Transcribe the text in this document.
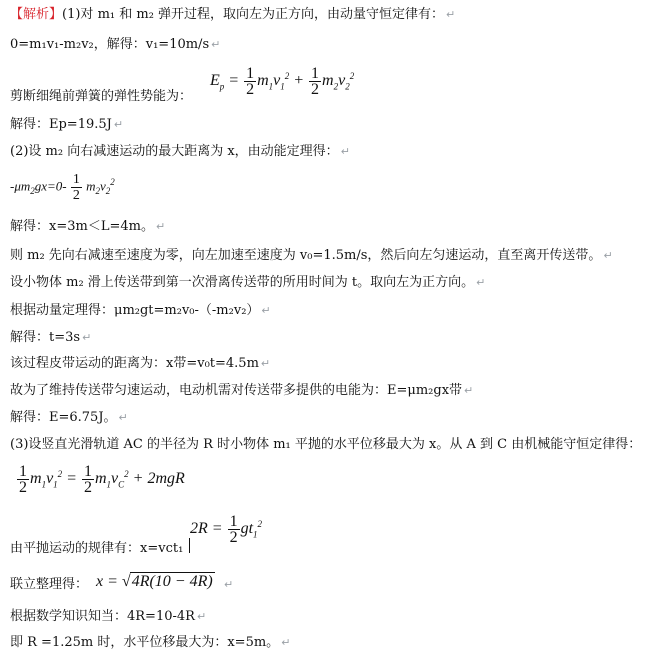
【解析】(1)对 m₁ 和 m₂ 弹开过程，取向左为正方向，由动量守恒定律有： ↵
0=m₁v₁-m₂v₂，解得：v₁=10m/s ↵
剪断细绳前弹簧的弹性势能为：
$E_p = \frac{1}{2} m_1v_1^2 + \frac{1}{2} m_2v_2^2$
解得：Ep=19.5J ↵
(2)设 m₂ 向右减速运动的最大距离为 x，由动能定理得： ↵
$-\mu m_2gx=0- \frac{1}{2} m_2v_2^2$
解得：x=3m＜L=4m。 ↵
则 m₂ 先向右减速至速度为零，向左加速至速度为 v₀=1.5m/s，然后向左匀速运动，直至离开传送带。 ↵
设小物体 m₂ 滑上传送带到第一次滑离传送带的所用时间为 t。取向左为正方向。 ↵
根据动量定理得：μm₂gt=m₂v₀-（-m₂v₂） ↵
解得：t=3s ↵
该过程皮带运动的距离为：x带=v₀t=4.5m ↵
故为了维持传送带匀速运动，电动机需对传送带多提供的电能为：E=μm₂gx带 ↵
解得：E=6.75J。 ↵
(3)设竖直光滑轨道 AC 的半径为 R 时小物体 m₁ 平抛的水平位移最大为 x。从 A 到 C 由机械能守恒定律得：
$\frac{1}{2} m_1v_1^2 = \frac{1}{2} m_1v_C^2 + 2mgR$
由平抛运动的规律有：x=vct₁
$2R = \frac{1}{2} gt_1^2$
联立整理得： x = √4R(10 − 4R) ↵
根据数学知识知当：4R=10-4R ↵
即 R =1.25m 时，水平位移最大为：x=5m。 ↵
